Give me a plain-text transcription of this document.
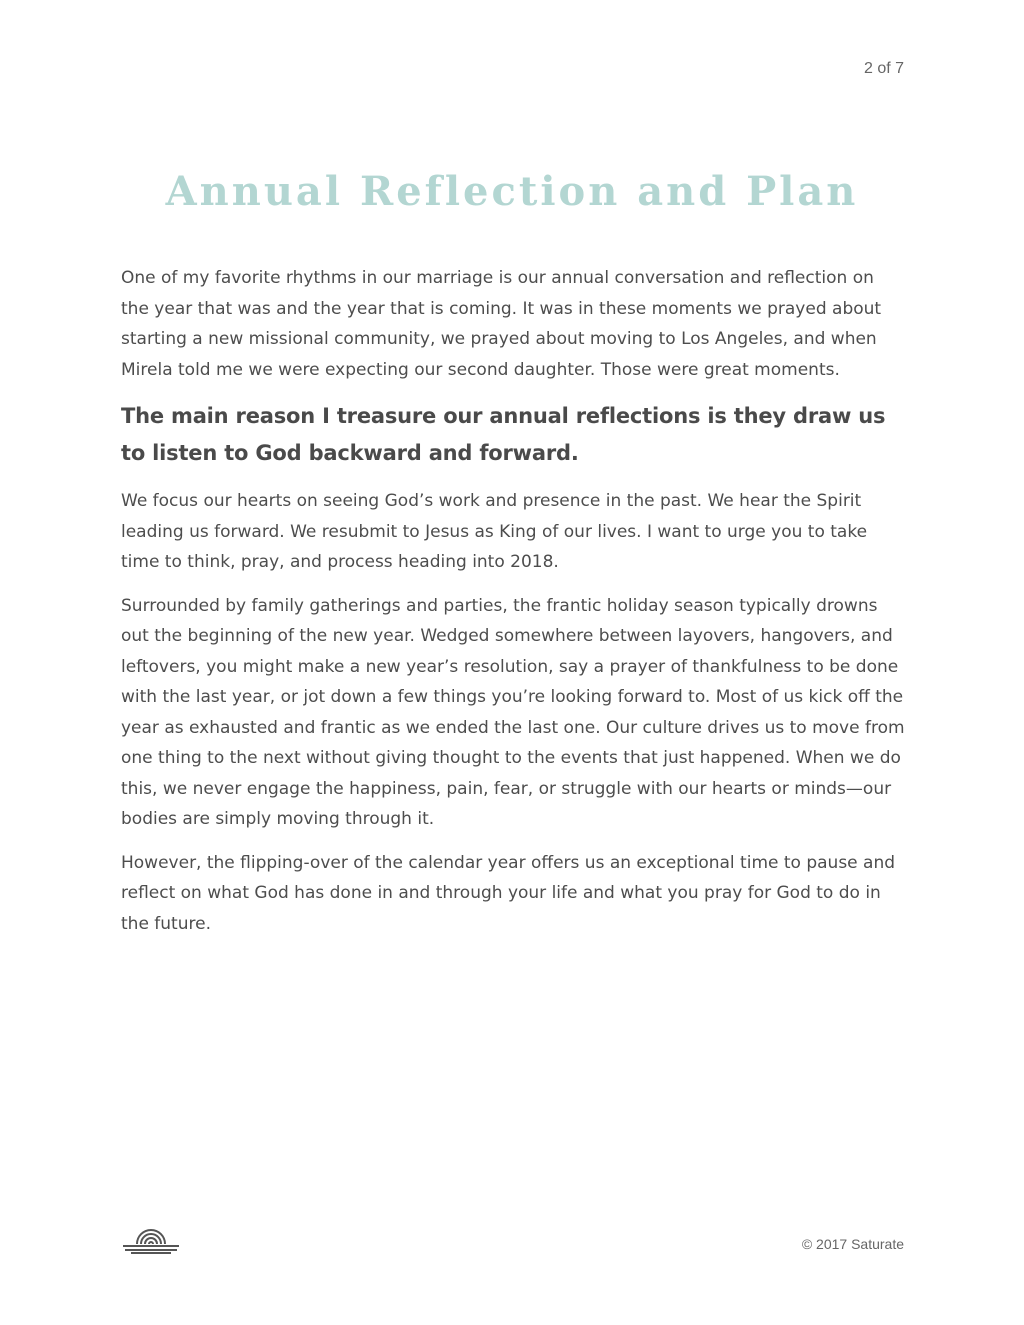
2 of 7
Annual Reflection and Plan

One of my favorite rhythms in our marriage is our annual conversation and reflection on the year that was and the year that is coming. It was in these moments we prayed about starting a new missional community, we prayed about moving to Los Angeles, and when Mirela told me we were expecting our second daughter. Those were great moments.

The main reason I treasure our annual reflections is they draw us to listen to God backward and forward.

We focus our hearts on seeing God’s work and presence in the past. We hear the Spirit leading us forward. We resubmit to Jesus as King of our lives. I want to urge you to take time to think, pray, and process heading into 2018.

Surrounded by family gatherings and parties, the frantic holiday season typically drowns out the beginning of the new year. Wedged somewhere between layovers, hangovers, and leftovers, you might make a new year’s resolution, say a prayer of thankfulness to be done with the last year, or jot down a few things you’re looking forward to. Most of us kick off the year as exhausted and frantic as we ended the last one. Our culture drives us to move from one thing to the next without giving thought to the events that just happened. When we do this, we never engage the happiness, pain, fear, or struggle with our hearts or minds—our bodies are simply moving through it.

However, the flipping-over of the calendar year offers us an exceptional time to pause and reflect on what God has done in and through your life and what you pray for God to do in the future.

© 2017 Saturate
